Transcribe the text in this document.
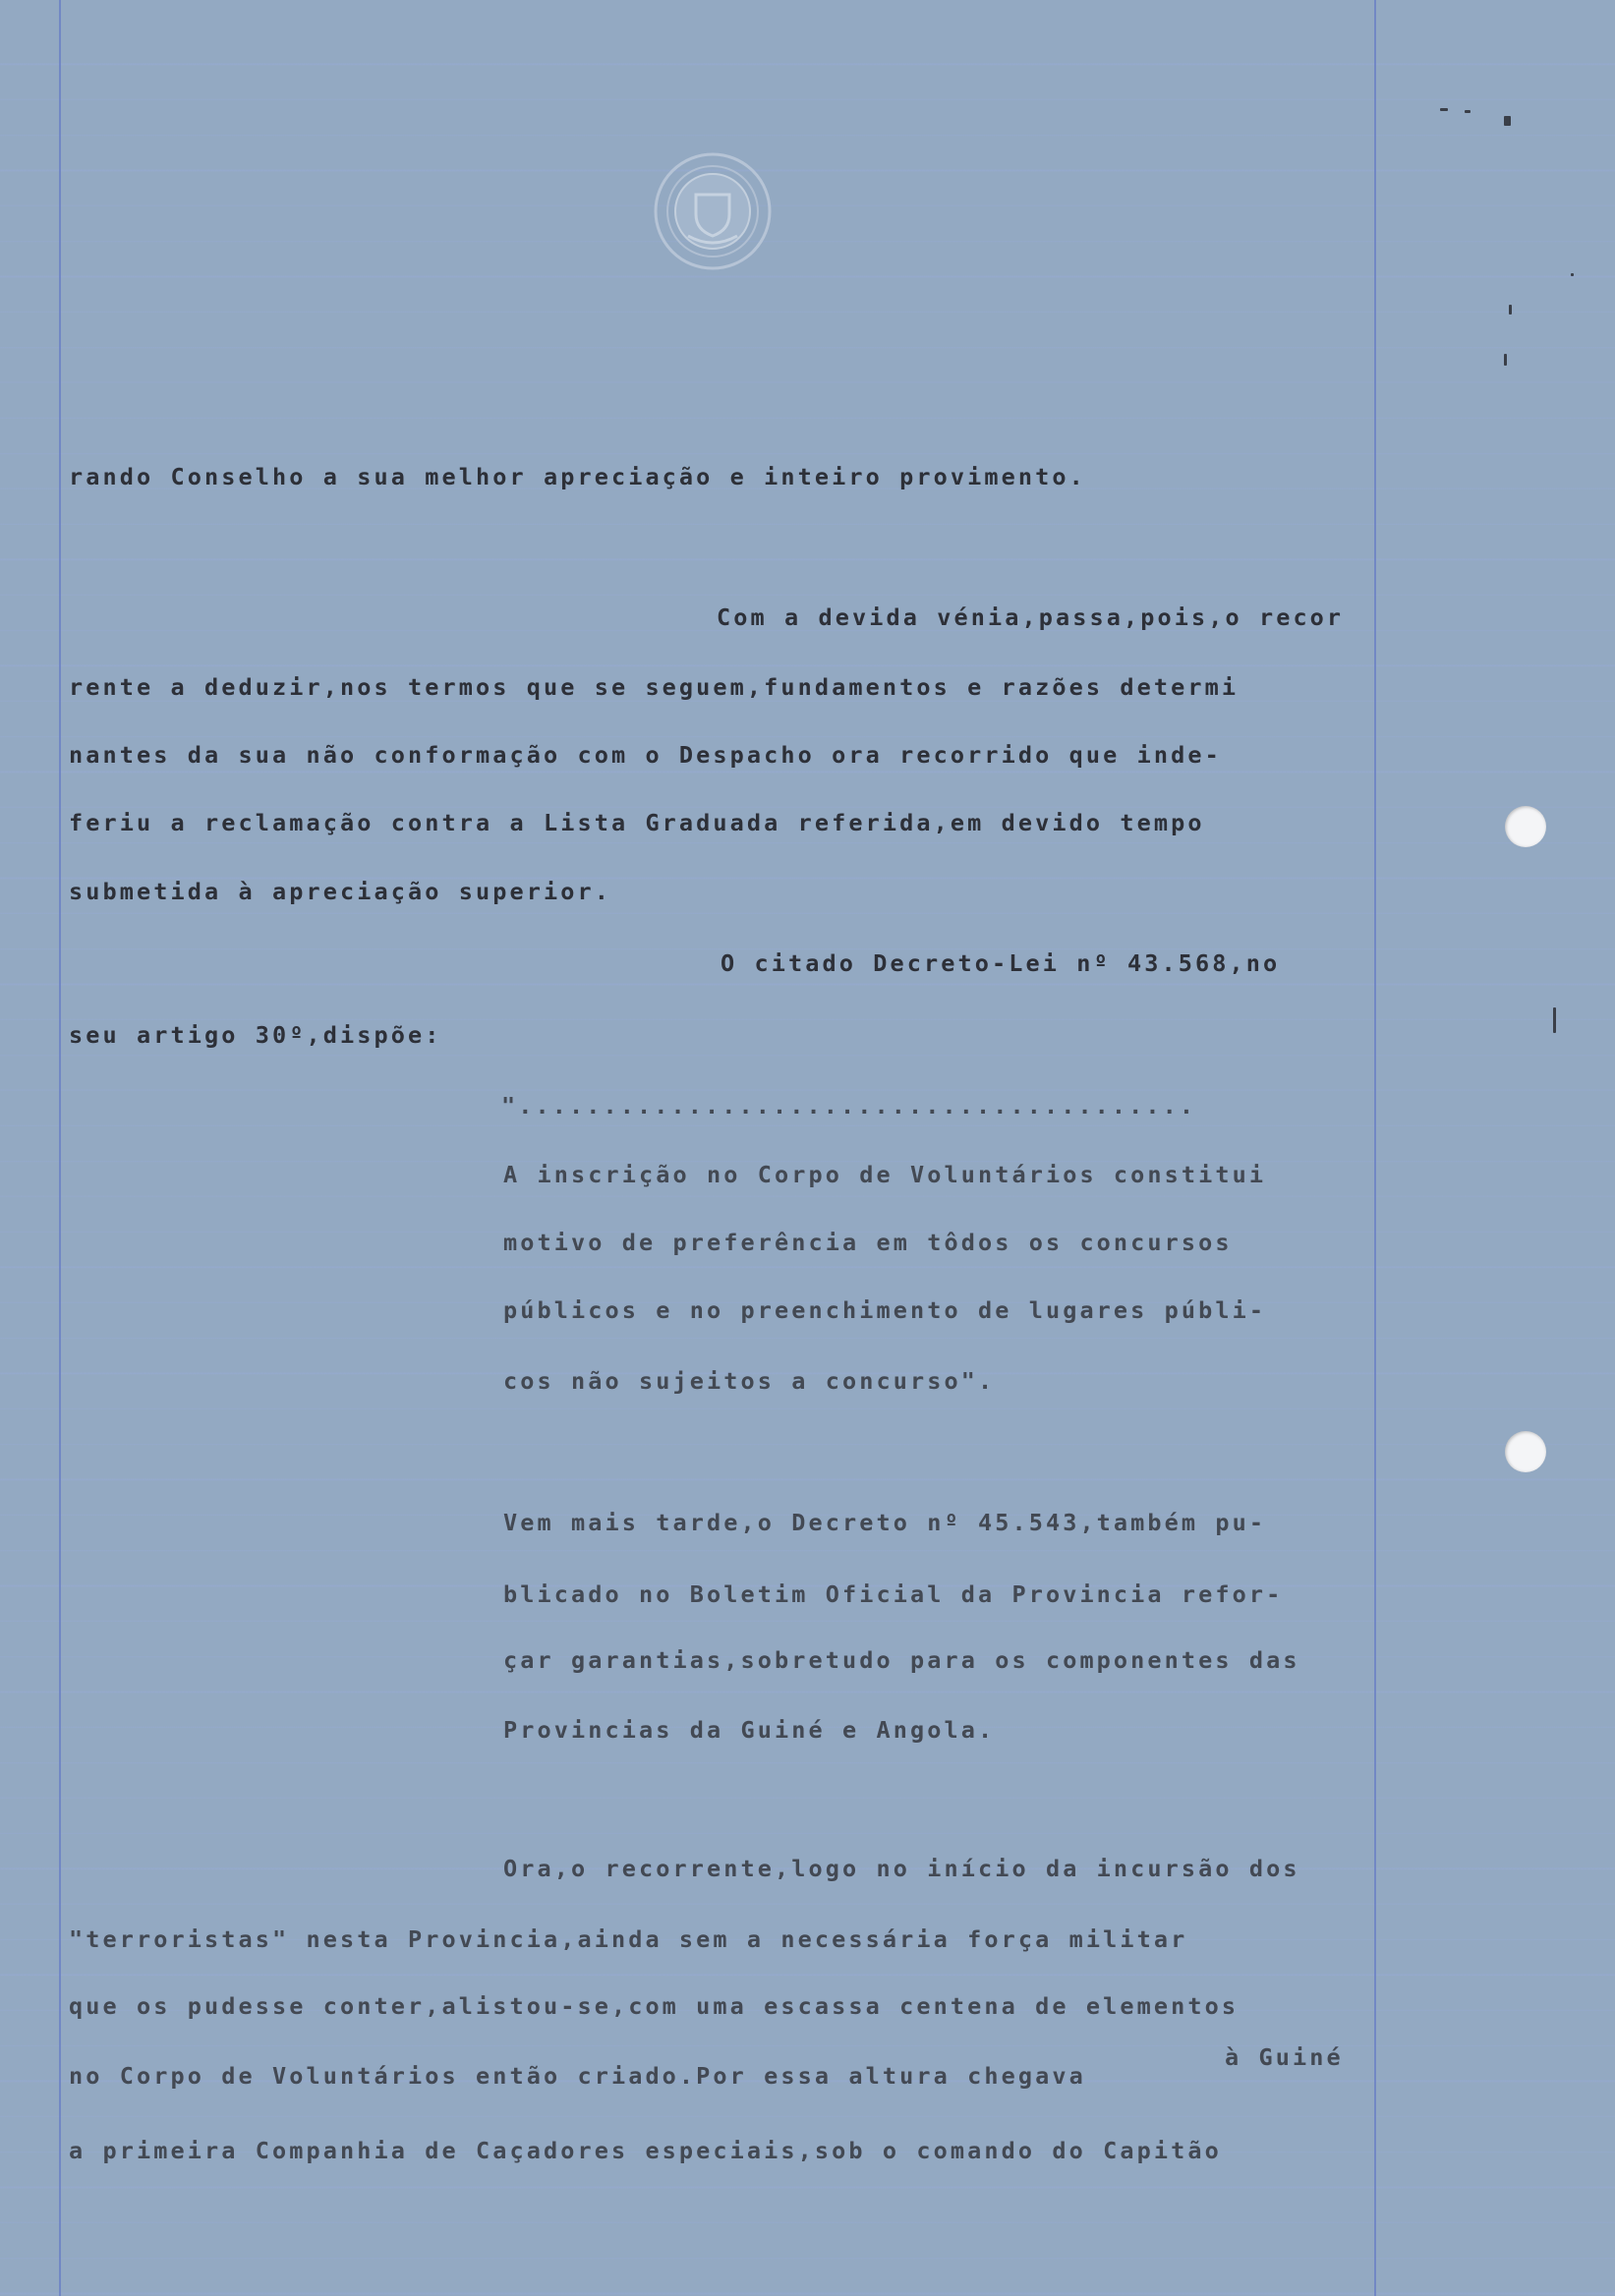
rando Conselho a sua melhor apreciação e inteiro provimento.
Com a devida vénia,passa,pois,o recor
rente a deduzir,nos termos que se seguem,fundamentos e razões determi
nantes da sua não conformação com o Despacho ora recorrido que inde-
feriu a reclamação contra a Lista Graduada referida,em devido tempo
submetida à apreciação superior.
O citado Decreto-Lei nº 43.568,no
seu artigo 30º,dispõe:
"........................................
A inscrição no Corpo de Voluntários constitui
motivo de preferência em tôdos os concursos
públicos e no preenchimento de lugares públi-
cos não sujeitos a concurso".
Vem mais tarde,o Decreto nº 45.543,também pu-
blicado no Boletim Oficial da Provincia refor-
çar garantias,sobretudo para os componentes das
Provincias da Guiné e Angola.
Ora,o recorrente,logo no início da incursão dos
"terroristas" nesta Provincia,ainda sem a necessária força militar
que os pudesse conter,alistou-se,com uma escassa centena de elementos
à Guiné
no Corpo de Voluntários então criado.Por essa altura chegava
a primeira Companhia de Caçadores especiais,sob o comando do Capitão
